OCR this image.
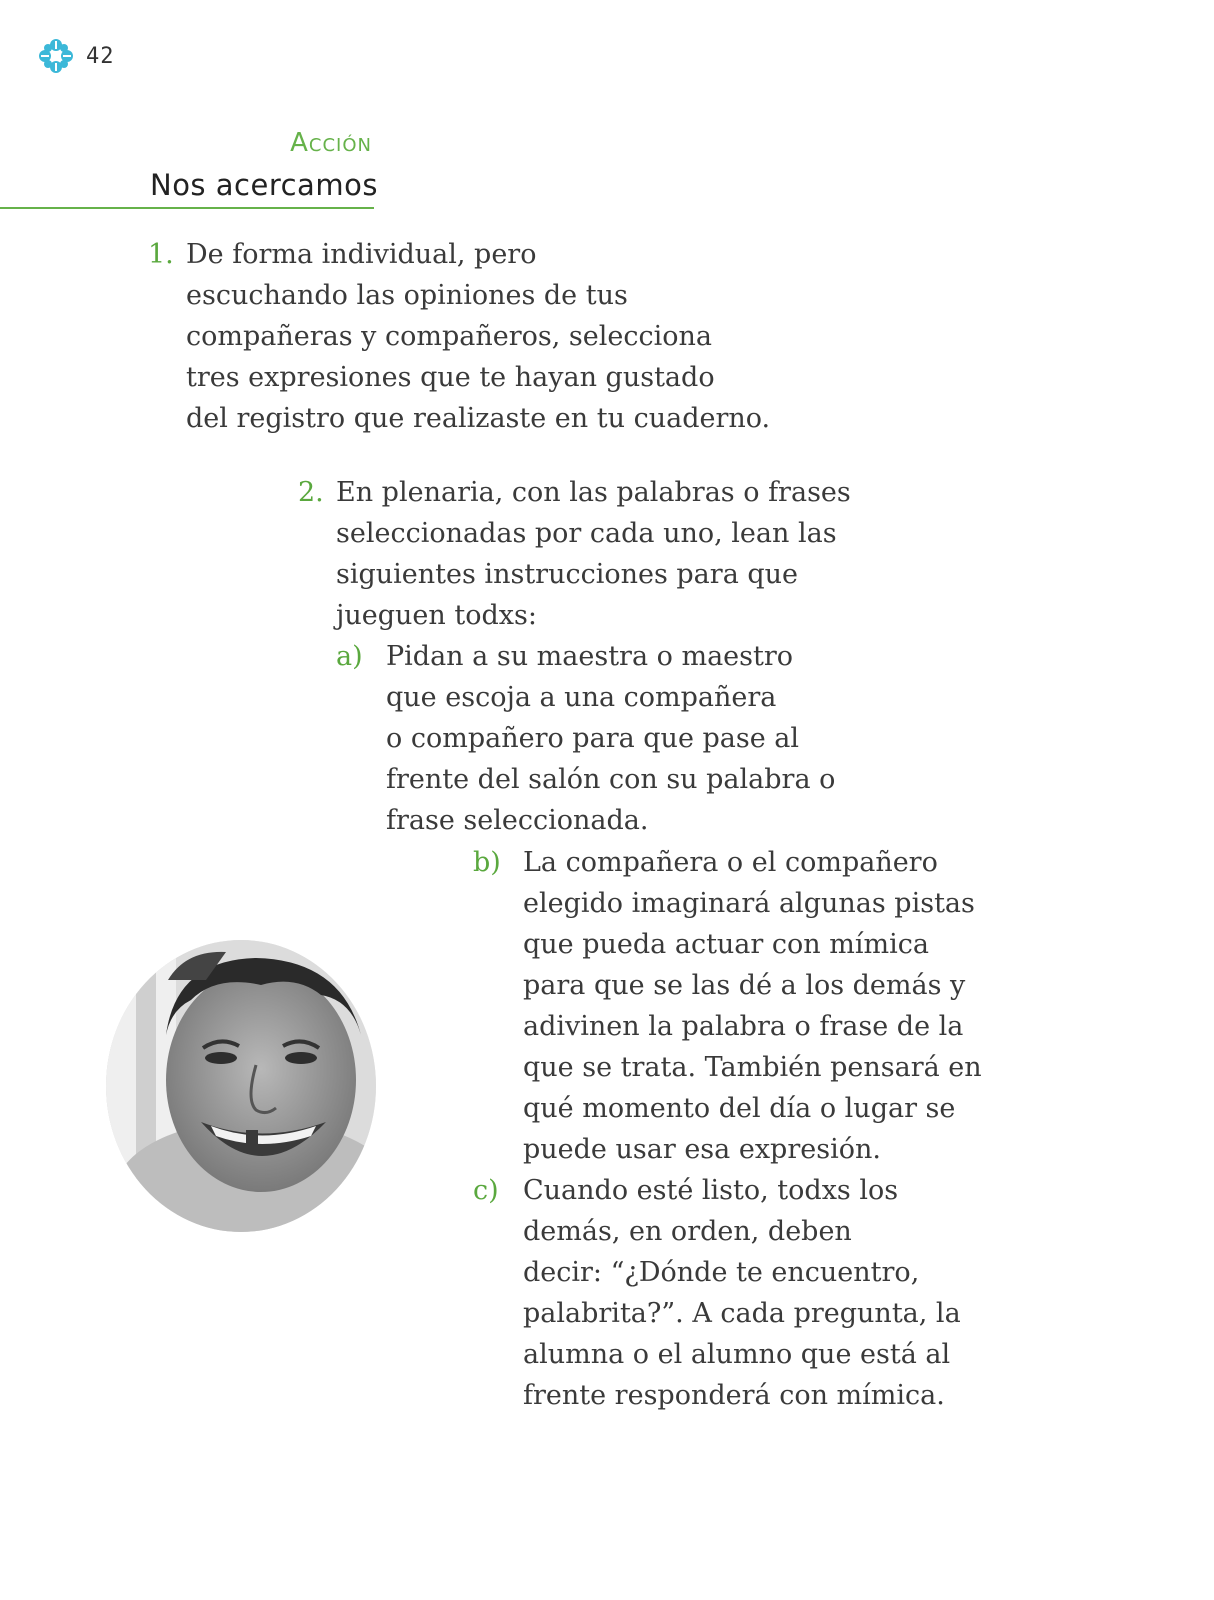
42
Acción
Nos acercamos
1. De forma individual, pero
escuchando las opiniones de tus
compañeras y compañeros, selecciona
tres expresiones que te hayan gustado
del registro que realizaste en tu cuaderno.
2. En plenaria, con las palabras o frases
seleccionadas por cada uno, lean las
siguientes instrucciones para que
jueguen todxs:
a) Pidan a su maestra o maestro
que escoja a una compañera
o compañero para que pase al
frente del salón con su palabra o
frase seleccionada.
b) La compañera o el compañero
elegido imaginará algunas pistas
que pueda actuar con mímica
para que se las dé a los demás y
adivinen la palabra o frase de la
que se trata. También pensará en
qué momento del día o lugar se
puede usar esa expresión.
c) Cuando esté listo, todxs los
demás, en orden, deben
decir: “¿Dónde te encuentro,
palabrita?”. A cada pregunta, la
alumna o el alumno que está al
frente responderá con mímica.
